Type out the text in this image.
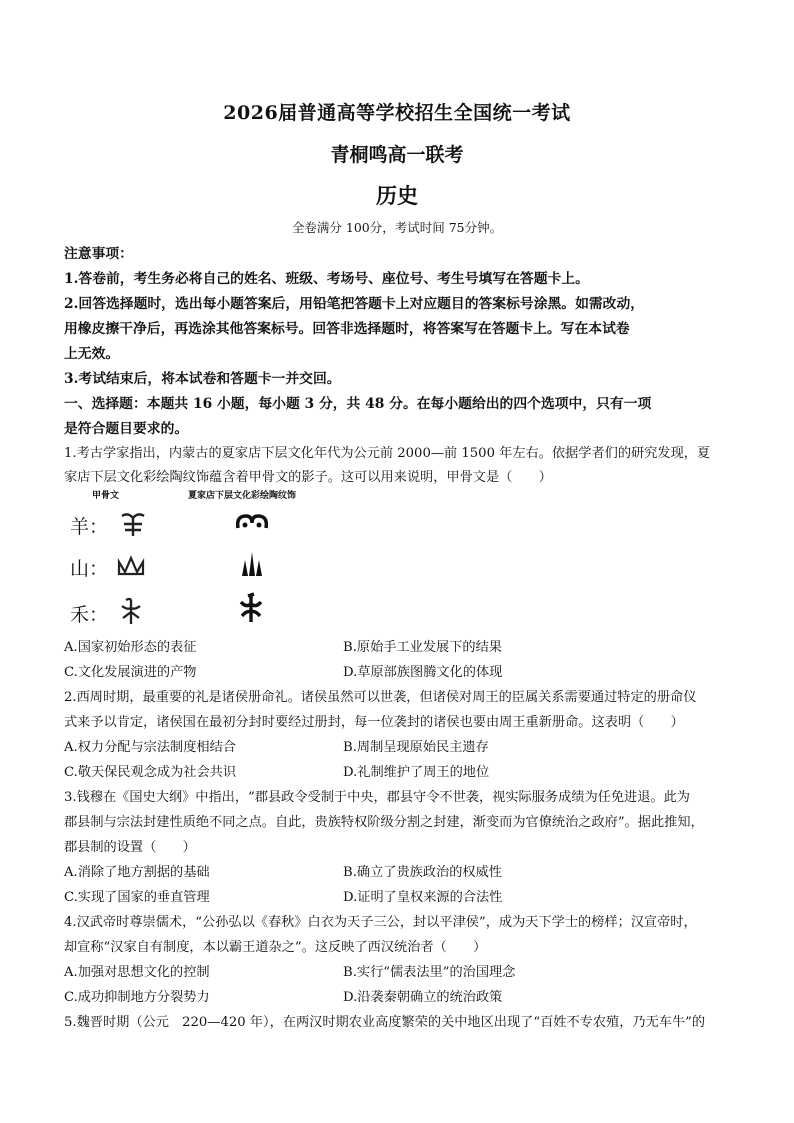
2026届普通高等学校招生全国统一考试
青桐鸣高一联考
历史
全卷满分 100分，考试时间 75分钟。
注意事项：
1.答卷前，考生务必将自己的姓名、班级、考场号、座位号、考生号填写在答题卡上。
2.回答选择题时，选出每小题答案后，用铅笔把答题卡上对应题目的答案标号涂黑。如需改动，
用橡皮擦干净后，再选涂其他答案标号。回答非选择题时，将答案写在答题卡上。写在本试卷
上无效。
3.考试结束后，将本试卷和答题卡一并交回。
一、选择题：本题共 16 小题，每小题 3 分，共 48 分。在每小题给出的四个选项中，只有一项
是符合题目要求的。
1.考古学家指出，内蒙古的夏家店下层文化年代为公元前 2000—前 1500 年左右。依据学者们的研究发现，夏
家店下层文化彩绘陶纹饰蕴含着甲骨文的影子。这可以用来说明，甲骨文是（　　）
甲骨文	夏家店下层文化彩绘陶纹饰
羊：
山：
禾：
A.国家初始形态的表征	B.原始手工业发展下的结果
C.文化发展演进的产物	D.草原部族图腾文化的体现
2.西周时期，最重要的礼是诸侯册命礼。诸侯虽然可以世袭，但诸侯对周王的臣属关系需要通过特定的册命仪
式来予以肯定，诸侯国在最初分封时要经过册封，每一位袭封的诸侯也要由周王重新册命。这表明（　　）
A.权力分配与宗法制度相结合	B.周制呈现原始民主遗存
C.敬天保民观念成为社会共识	D.礼制维护了周王的地位
3.钱穆在《国史大纲》中指出，“郡县政令受制于中央，郡县守令不世袭，视实际服务成绩为任免进退。此为
郡县制与宗法封建性质绝不同之点。自此，贵族特权阶级分割之封建，渐变而为官僚统治之政府”。据此推知，
郡县制的设置（　　）
A.消除了地方割据的基础	B.确立了贵族政治的权威性
C.实现了国家的垂直管理	D.证明了皇权来源的合法性
4.汉武帝时尊崇儒术，“公孙弘以《春秋》白衣为天子三公，封以平津侯”，成为天下学士的榜样；汉宣帝时，
却宣称“汉家自有制度，本以霸王道杂之”。这反映了西汉统治者（　　）
A.加强对思想文化的控制	B.实行“儒表法里”的治国理念
C.成功抑制地方分裂势力	D.沿袭秦朝确立的统治政策
5.魏晋时期（公元　220—420 年），在两汉时期农业高度繁荣的关中地区出现了“百姓不专农殖，乃无车牛”的
